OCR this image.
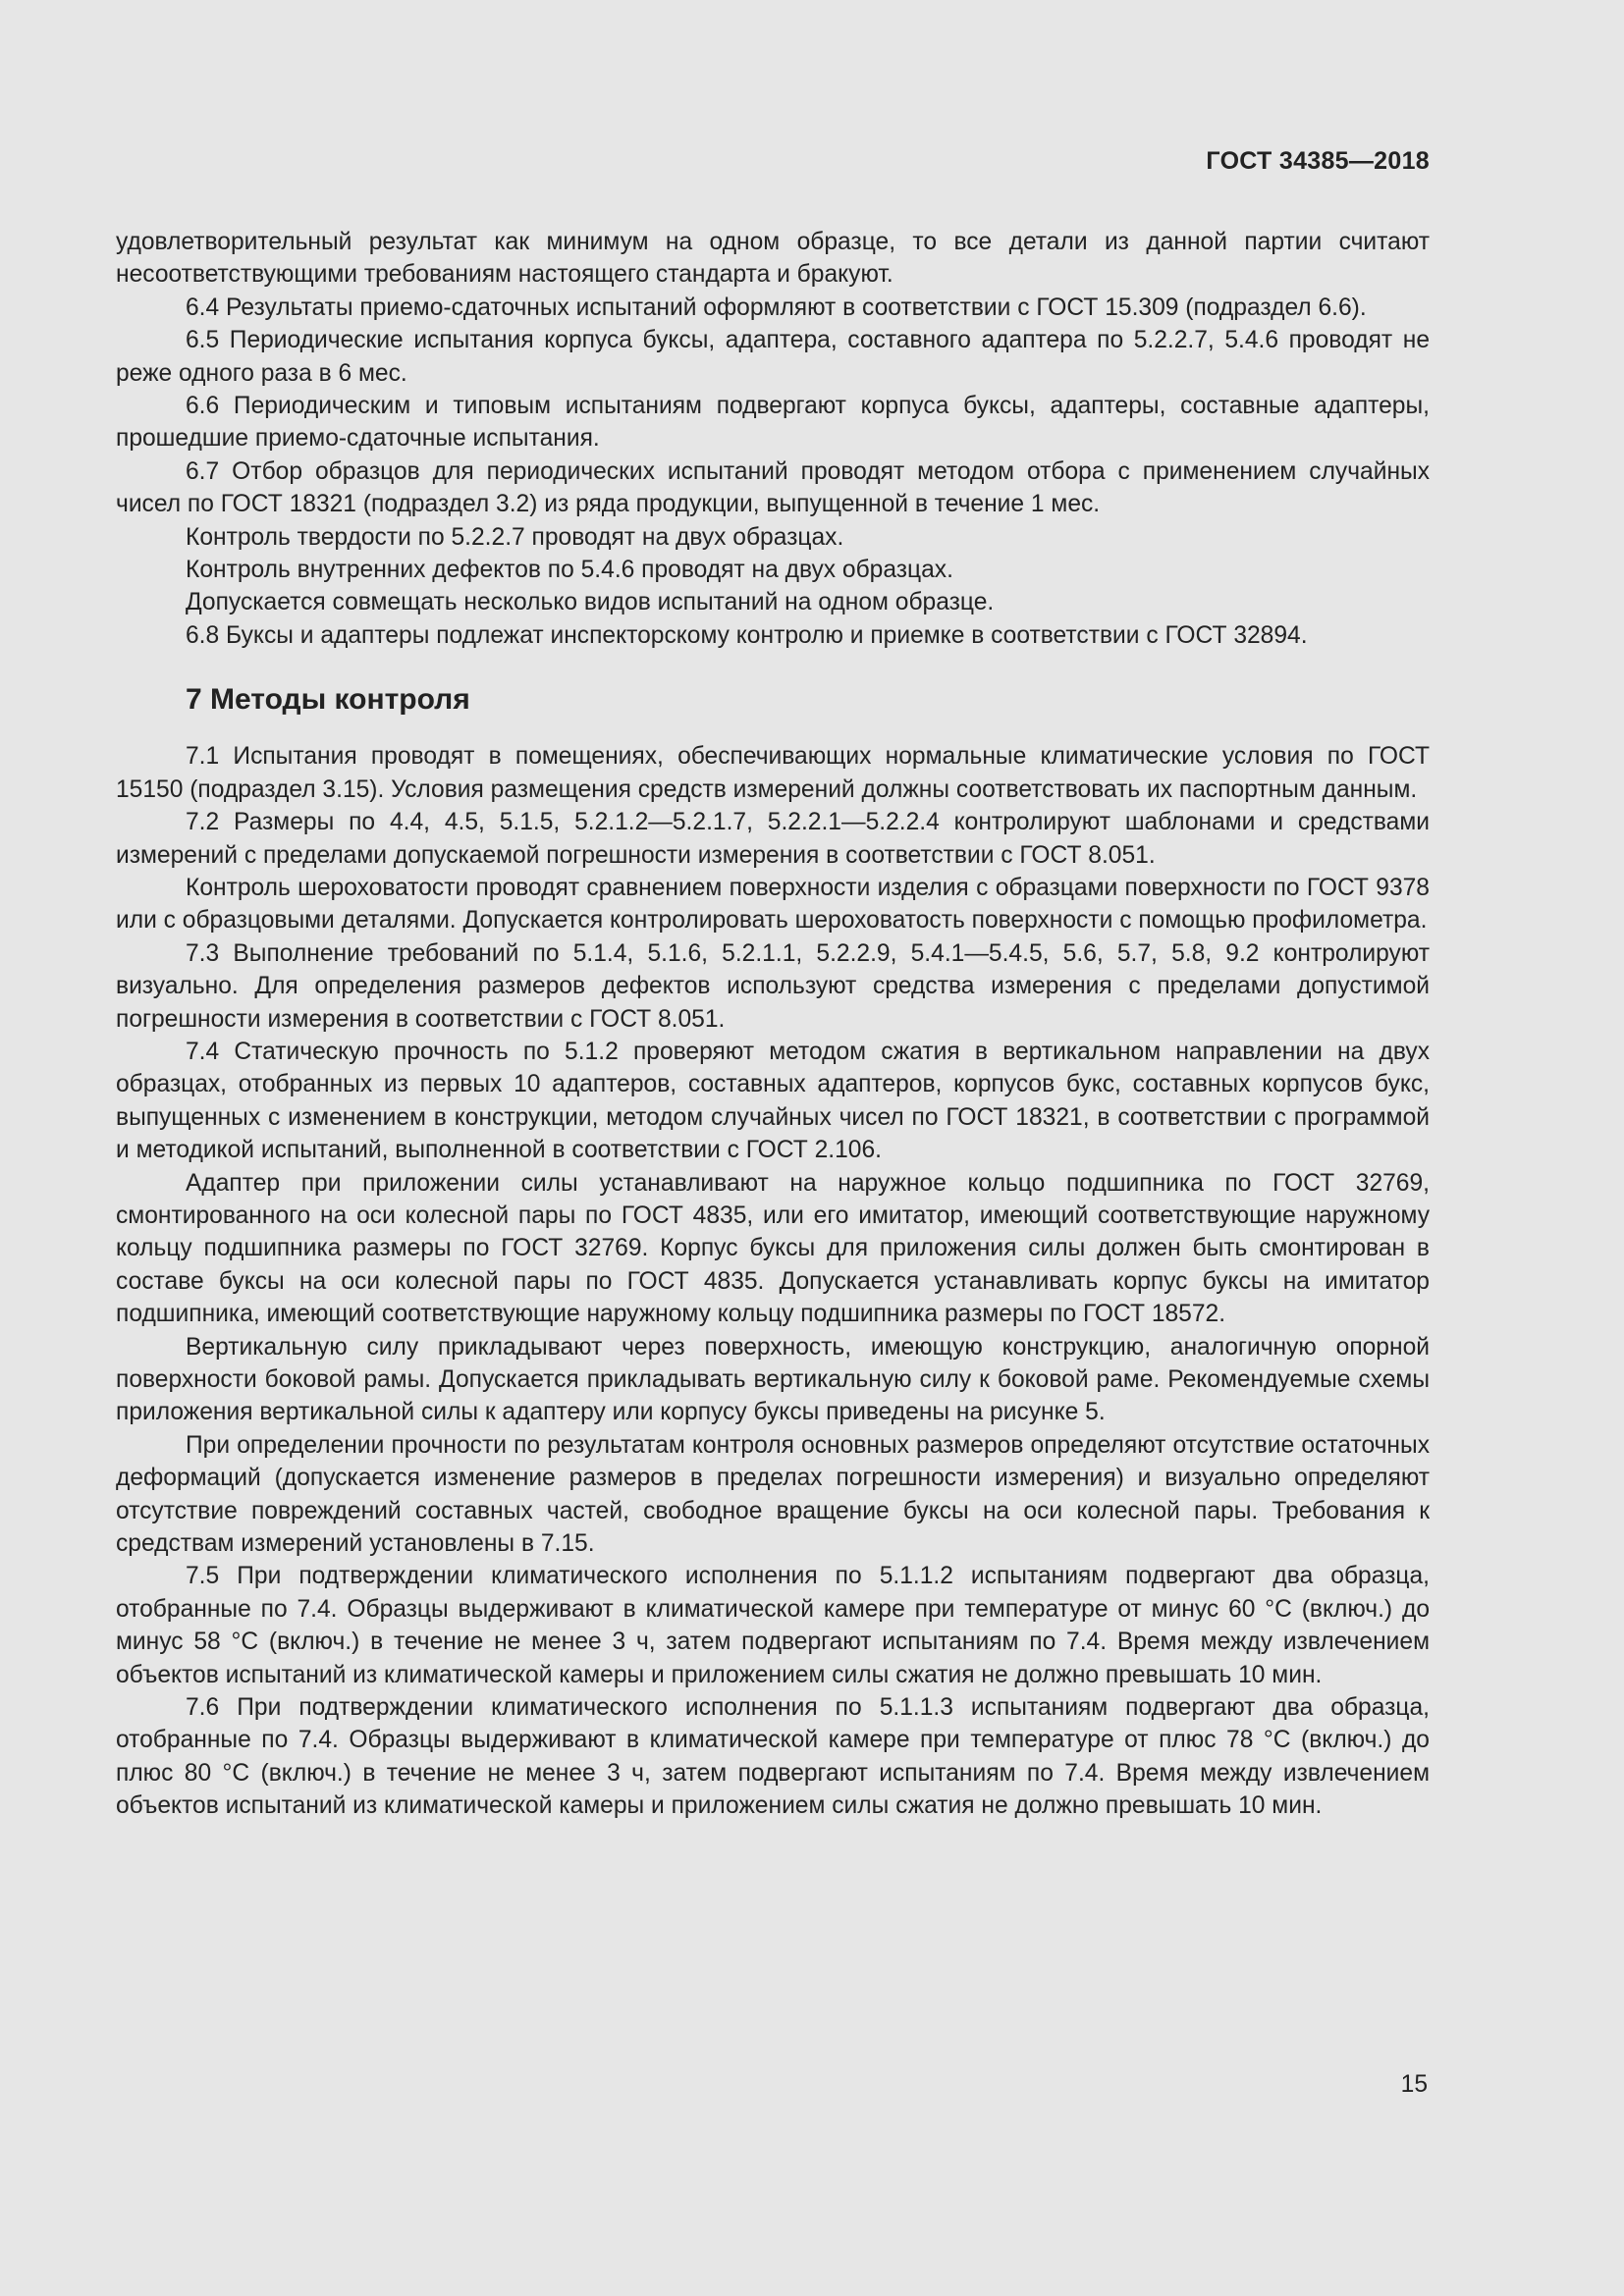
ГОСТ 34385—2018

удовлетворительный результат как минимум на одном образце, то все детали из данной партии считают несоответствующими требованиям настоящего стандарта и бракуют.

6.4 Результаты приемо-сдаточных испытаний оформляют в соответствии с ГОСТ 15.309 (подраздел 6.6).

6.5 Периодические испытания корпуса буксы, адаптера, составного адаптера по 5.2.2.7, 5.4.6 проводят не реже одного раза в 6 мес.

6.6 Периодическим и типовым испытаниям подвергают корпуса буксы, адаптеры, составные адаптеры, прошедшие приемо-сдаточные испытания.

6.7 Отбор образцов для периодических испытаний проводят методом отбора с применением случайных чисел по ГОСТ 18321 (подраздел 3.2) из ряда продукции, выпущенной в течение 1 мес.

Контроль твердости по 5.2.2.7 проводят на двух образцах.

Контроль внутренних дефектов по 5.4.6 проводят на двух образцах.

Допускается совмещать несколько видов испытаний на одном образце.

6.8 Буксы и адаптеры подлежат инспекторскому контролю и приемке в соответствии с ГОСТ 32894.

7 Методы контроля

7.1 Испытания проводят в помещениях, обеспечивающих нормальные климатические условия по ГОСТ 15150 (подраздел 3.15). Условия размещения средств измерений должны соответствовать их паспортным данным.

7.2 Размеры по 4.4, 4.5, 5.1.5, 5.2.1.2—5.2.1.7, 5.2.2.1—5.2.2.4 контролируют шаблонами и средствами измерений с пределами допускаемой погрешности измерения в соответствии с ГОСТ 8.051.

Контроль шероховатости проводят сравнением поверхности изделия с образцами поверхности по ГОСТ 9378 или с образцовыми деталями. Допускается контролировать шероховатость поверхности с помощью профилометра.

7.3 Выполнение требований по 5.1.4, 5.1.6, 5.2.1.1, 5.2.2.9, 5.4.1—5.4.5, 5.6, 5.7, 5.8, 9.2 контролируют визуально. Для определения размеров дефектов используют средства измерения с пределами допустимой погрешности измерения в соответствии с ГОСТ 8.051.

7.4 Статическую прочность по 5.1.2 проверяют методом сжатия в вертикальном направлении на двух образцах, отобранных из первых 10 адаптеров, составных адаптеров, корпусов букс, составных корпусов букс, выпущенных с изменением в конструкции, методом случайных чисел по ГОСТ 18321, в соответствии с программой и методикой испытаний, выполненной в соответствии с ГОСТ 2.106.

Адаптер при приложении силы устанавливают на наружное кольцо подшипника по ГОСТ 32769, смонтированного на оси колесной пары по ГОСТ 4835, или его имитатор, имеющий соответствующие наружному кольцу подшипника размеры по ГОСТ 32769. Корпус буксы для приложения силы должен быть смонтирован в составе буксы на оси колесной пары по ГОСТ 4835. Допускается устанавливать корпус буксы на имитатор подшипника, имеющий соответствующие наружному кольцу подшипника размеры по ГОСТ 18572.

Вертикальную силу прикладывают через поверхность, имеющую конструкцию, аналогичную опорной поверхности боковой рамы. Допускается прикладывать вертикальную силу к боковой раме. Рекомендуемые схемы приложения вертикальной силы к адаптеру или корпусу буксы приведены на рисунке 5.

При определении прочности по результатам контроля основных размеров определяют отсутствие остаточных деформаций (допускается изменение размеров в пределах погрешности измерения) и визуально определяют отсутствие повреждений составных частей, свободное вращение буксы на оси колесной пары. Требования к средствам измерений установлены в 7.15.

7.5 При подтверждении климатического исполнения по 5.1.1.2 испытаниям подвергают два образца, отобранные по 7.4. Образцы выдерживают в климатической камере при температуре от минус 60 °С (включ.) до минус 58 °С (включ.) в течение не менее 3 ч, затем подвергают испытаниям по 7.4. Время между извлечением объектов испытаний из климатической камеры и приложением силы сжатия не должно превышать 10 мин.

7.6 При подтверждении климатического исполнения по 5.1.1.3 испытаниям подвергают два образца, отобранные по 7.4. Образцы выдерживают в климатической камере при температуре от плюс 78 °С (включ.) до плюс 80 °С (включ.) в течение не менее 3 ч, затем подвергают испытаниям по 7.4. Время между извлечением объектов испытаний из климатической камеры и приложением силы сжатия не должно превышать 10 мин.

15
